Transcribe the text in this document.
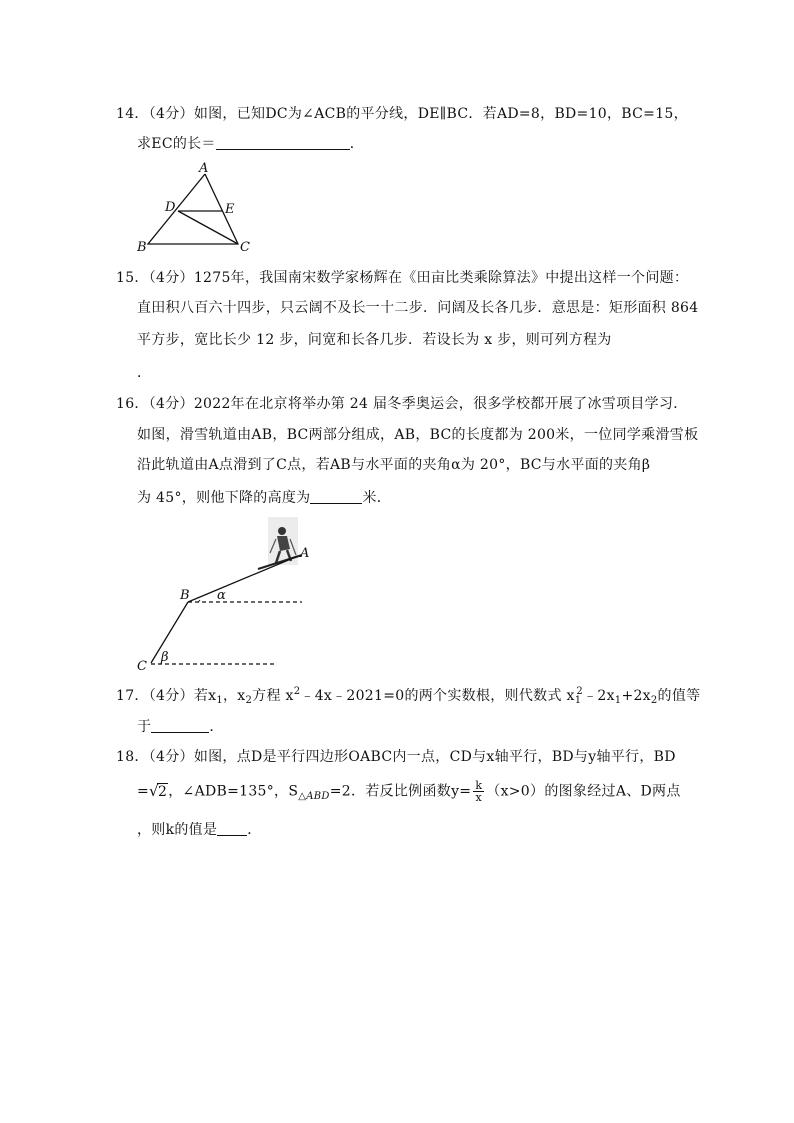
14．（4分）如图，已知DC为∠ACB的平分线，DE∥BC．若AD=8，BD=10，BC=15，
求EC的长＝	．
A
D	E
B	C
15．（4分）1275年，我国南宋数学家杨辉在《田亩比类乘除算法》中提出这样一个问题：
直田积八百六十四步，只云阔不及长一十二步．问阔及长各几步．意思是：矩形面积 864
平方步，宽比长少 12 步，问宽和长各几步．若设长为 x 步，则可列方程为
．
16．（4分）2022年在北京将举办第 24 届冬季奥运会，很多学校都开展了冰雪项目学习．
如图，滑雪轨道由AB，BC两部分组成，AB，BC的长度都为 200米，一位同学乘滑雪板
沿此轨道由A点滑到了C点，若AB与水平面的夹角α为 20°，BC与水平面的夹角β
为 45°，则他下降的高度为	米．
A
B α
C
β
17．（4分）若$x_1$，$x_2$方程 $x^2﹣4x﹣2021=0$的两个实数根，则代数式 $x_1^2﹣2x_1+2x_2$的值等
于	．
18．（4分）如图，点D是平行四边形OABC内一点，CD与x轴平行，BD与y轴平行，BD
=√ 2，∠ADB=135°，$S_{\triangle ABD}=2$．若反比例函数$y= \frac{k}{x} (x>0)$的图象经过A、D两点
，则k的值是 ．
